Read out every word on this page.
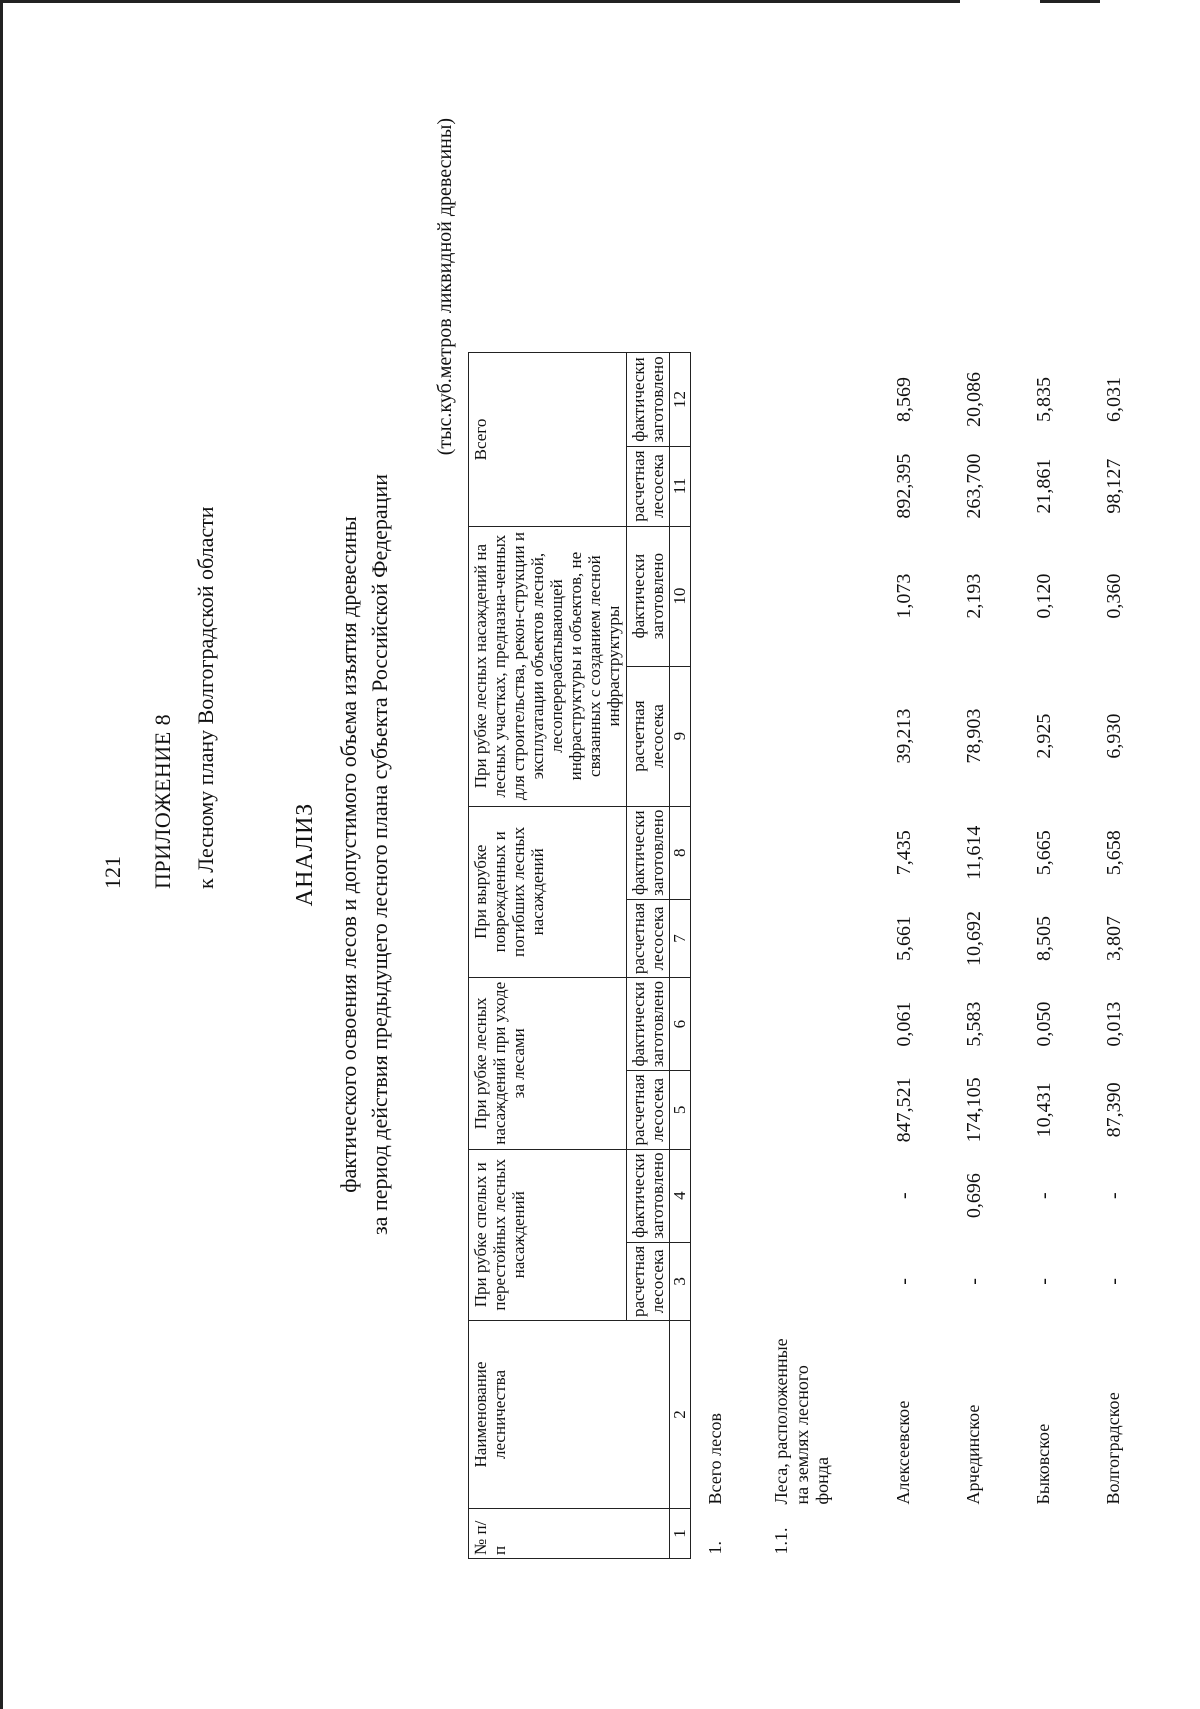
121 ПРИЛОЖЕНИЕ 8 к Лесному плану Волгоградской области	АНАЛИЗ фактического освоения лесов и допустимого объема изъятия древесины за период действия предыдущего лесного плана субъекта Российской Федерации
(тыс.куб.метров ликвидной древесины)
№ п/п	Наименование лесничества	При рубке спелых и перестойных лесных насаждений		При рубке лесных насаждений при уходе за лесами		При вырубке поврежденных и погибших лесных насаждений		При рубке лесных насаждений на лесных участках, предназна-ченных для строительства, рекон-струкции и эксплуатации объектов лесной, лесоперерабатывающей инфраструктуры и объектов, не связанных с созданием лесной инфраструктуры		Всего	
		расчетная лесосека	фактически заготовлено	расчетная лесосека	фактически заготовлено	расчетная лесосека	фактически заготовлено	расчетная лесосека	фактически заготовлено	расчетная лесосека	фактически заготовлено
1	2	3	4	5	6	7	8	9	10	11	12
1.	Всего лесов										
1.1.	Леса, расположенные на землях лесного фонда										
	Алексеевское	-	-	847,521	0,061	5,661	7,435	39,213	1,073	892,395	8,569
	Арчединское	-	0,696	174,105	5,583	10,692	11,614	78,903	2,193	263,700	20,086
	Быковское	-	-	10,431	0,050	8,505	5,665	2,925	0,120	21,861	5,835
	Волгоградское	-	-	87,390	0,013	3,807	5,658	6,930	0,360	98,127	6,031
